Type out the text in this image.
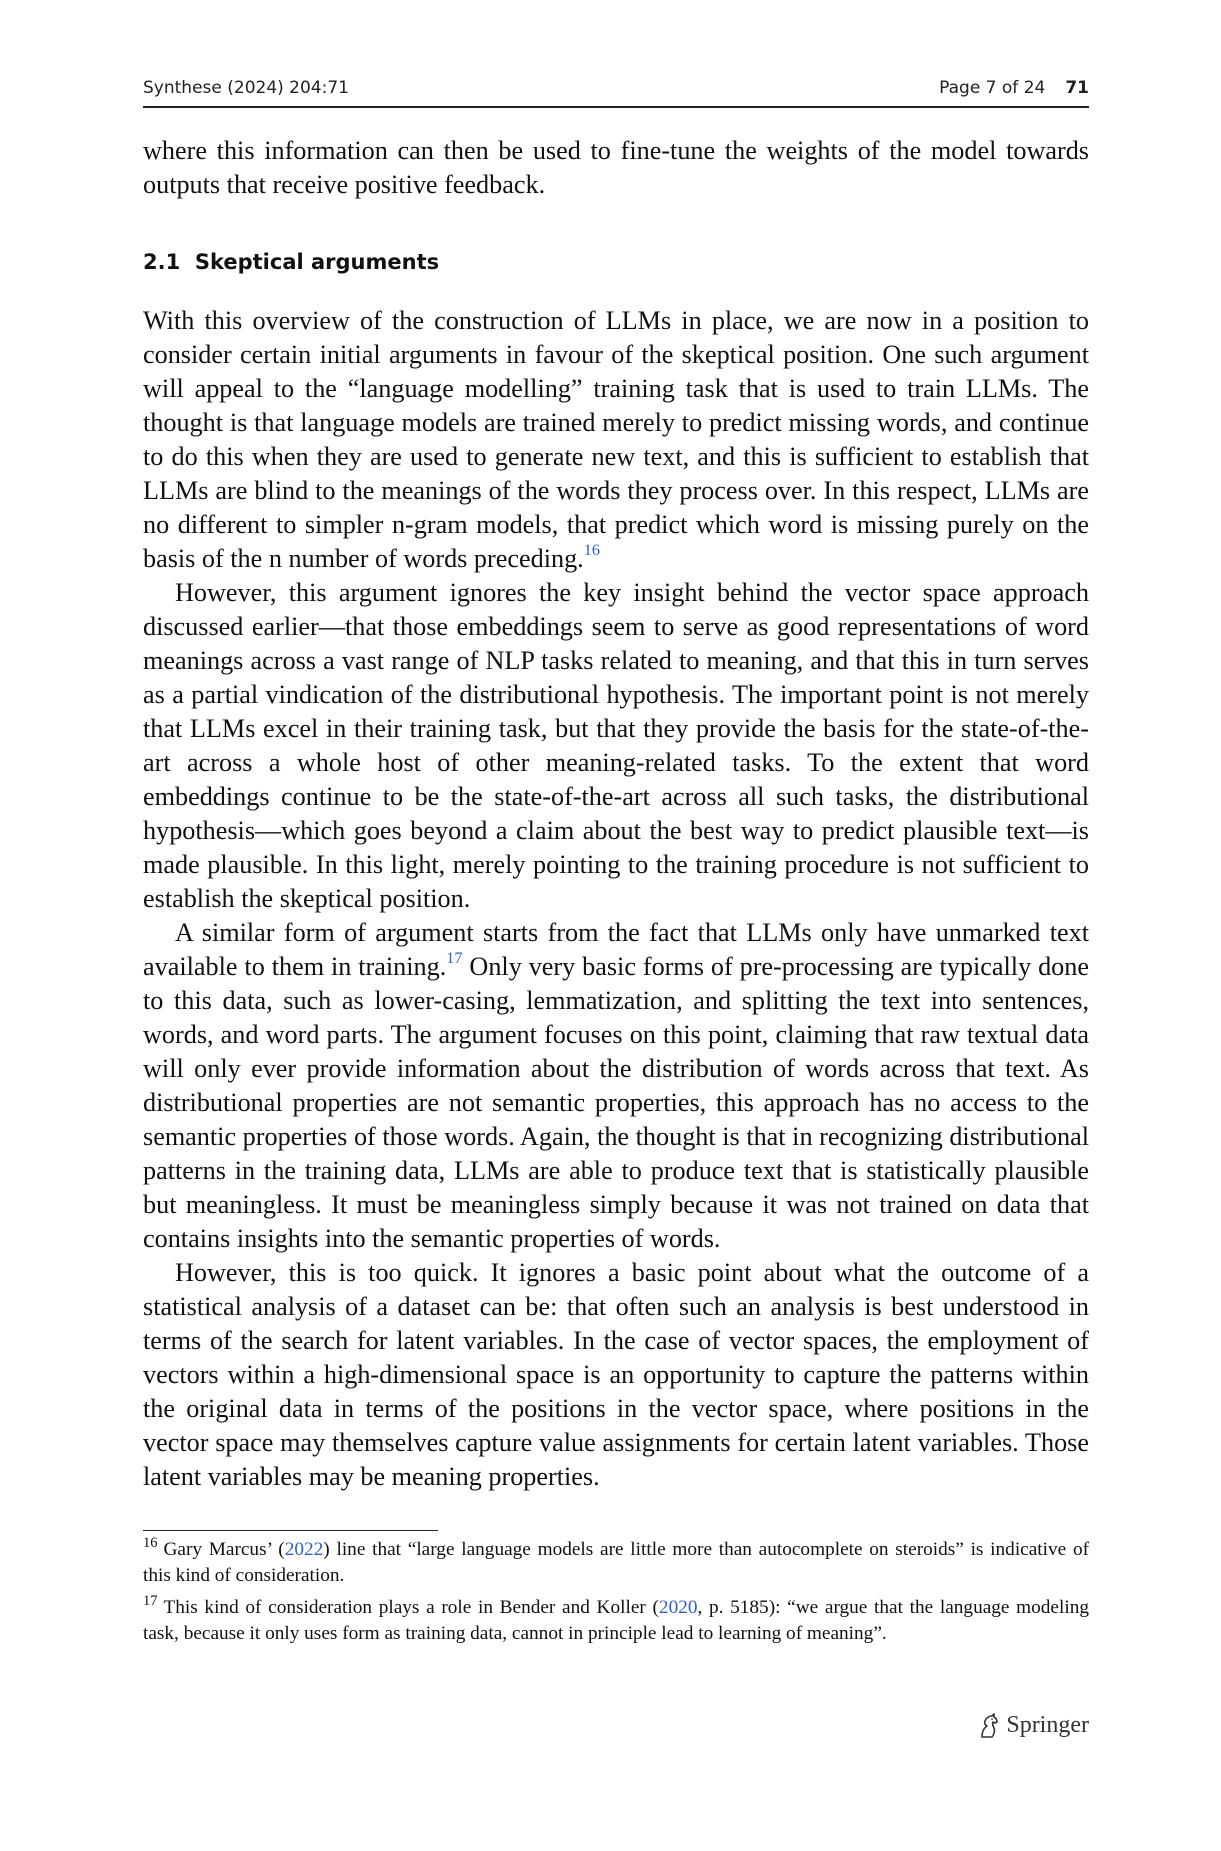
Synthese (2024) 204:71	Page 7 of 24 71

where this information can then be used to fine-tune the weights of the model towards outputs that receive positive feedback.

2.1 Skeptical arguments

With this overview of the construction of LLMs in place, we are now in a position to consider certain initial arguments in favour of the skeptical position. One such argument will appeal to the “language modelling” training task that is used to train LLMs. The thought is that language models are trained merely to predict missing words, and continue to do this when they are used to generate new text, and this is sufficient to establish that LLMs are blind to the meanings of the words they process over. In this respect, LLMs are no different to simpler n-gram models, that predict which word is missing purely on the basis of the n number of words preceding.$^{16}$

However, this argument ignores the key insight behind the vector space approach discussed earlier—that those embeddings seem to serve as good representations of word meanings across a vast range of NLP tasks related to meaning, and that this in turn serves as a partial vindication of the distributional hypothesis. The important point is not merely that LLMs excel in their training task, but that they provide the basis for the state-of-the-art across a whole host of other meaning-related tasks. To the extent that word embeddings continue to be the state-of-the-art across all such tasks, the distributional hypothesis—which goes beyond a claim about the best way to predict plausible text—is made plausible. In this light, merely pointing to the training procedure is not sufficient to establish the skeptical position.

A similar form of argument starts from the fact that LLMs only have unmarked text available to them in training.$^{17}$ Only very basic forms of pre-processing are typically done to this data, such as lower-casing, lemmatization, and splitting the text into sentences, words, and word parts. The argument focuses on this point, claiming that raw textual data will only ever provide information about the distribution of words across that text. As distributional properties are not semantic properties, this approach has no access to the semantic properties of those words. Again, the thought is that in recognizing distributional patterns in the training data, LLMs are able to produce text that is statistically plausible but meaningless. It must be meaningless simply because it was not trained on data that contains insights into the semantic properties of words.

However, this is too quick. It ignores a basic point about what the outcome of a statistical analysis of a dataset can be: that often such an analysis is best understood in terms of the search for latent variables. In the case of vector spaces, the employment of vectors within a high-dimensional space is an opportunity to capture the patterns within the original data in terms of the positions in the vector space, where positions in the vector space may themselves capture value assignments for certain latent variables. Those latent variables may be meaning properties.

$^{16}$ Gary Marcus’ (2022) line that “large language models are little more than autocomplete on steroids” is indicative of this kind of consideration.
$^{17}$ This kind of consideration plays a role in Bender and Koller (2020, p. 5185): “we argue that the language modeling task, because it only uses form as training data, cannot in principle lead to learning of meaning”.
Springer
